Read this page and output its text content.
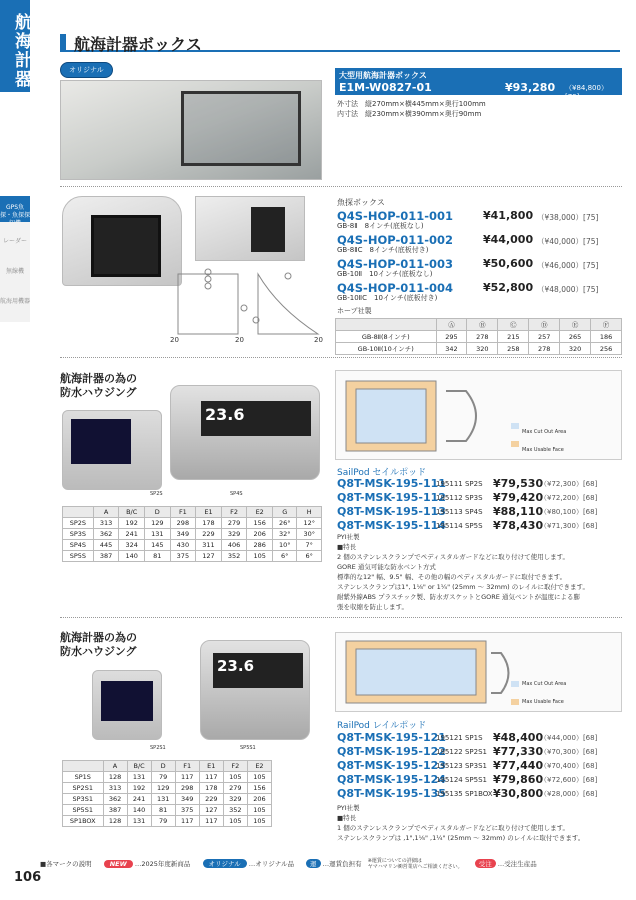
航海計器
GPS魚探・魚探探
レーダー
無線機
航海用機器
航海計器ボックス
オリジナル
大型用航海計器ボックス
E1M-W0827-01	¥93,280 （¥84,800）[70]
外寸法　縦270mm×横445mm×奥行100mm
内寸法　縦230mm×横390mm×奥行90mm
20	20	20
魚探ボックス
Q4S-HOP-011-001	¥41,800 （¥38,000）[75]
GB-8Ⅱ　8インチ(底板なし)
Q4S-HOP-011-002	¥44,000 （¥40,000）[75]
GB-8ⅡC　8インチ(底板付き)
Q4S-HOP-011-003	¥50,600 （¥46,000）[75]
GB-10Ⅱ　10インチ(底板なし)
Q4S-HOP-011-004	¥52,800 （¥48,000）[75]
GB-10ⅡC　10インチ(底板付き)
ホープ社製
	Ⓐ	Ⓑ	Ⓒ	Ⓓ	Ⓔ	Ⓕ
GB-8Ⅱ(8インチ)	295	278	215	257	265	186
GB-10Ⅱ(10インチ)	342	320	258	278	320	256
航海計器の為の
防水ハウジング
23.6
SP2S	SP4S
	A	B/C	D	F1	E1	F2	E2	G	H
SP2S	313	192	129	298	178	279	156	26°	12°
SP3S	362	241	131	349	229	329	206	32°	30°
SP4S	445	324	145	430	311	406	286	10°	7°
SP5S	387	140	81	375	127	352	105	6°	6°
Max Cut Out Area
Max Usable Face
SailPod セイルポッド
Q8T-MSK-195-111
195111 SP2S ¥79,530
（¥72,300）[68]
Q8T-MSK-195-112
195112 SP3S ¥79,420
（¥72,200）[68]
Q8T-MSK-195-113
195113 SP4S ¥88,110
（¥80,100）[68]
Q8T-MSK-195-114
195114 SP5S ¥78,430
（¥71,300）[68]
PYI社製
■特長
2 個のステンレスクランプでペディスタルガードなどに取り付けて使用します。
GORE 通気可能な防水ベント方式
標準的な12" 幅、9.5" 幅、その他の幅のペディスタルガードに取付できます。
ステンレスクランプは1", 1⅛" or 1¼" (25mm 〜 32mm) のレイルに取付できます。
耐紫外線ABS プラスチック製、防水ガスケットとGORE 通気ベントが温度による膨
張を収縮を防止します。
航海計器の為の
防水ハウジング
23.6
SP2S1	SP5S1
	A	B/C	D	F1	E1	F2	E2
SP1S	128	131	79	117	117	105	105
SP2S1	313	192	129	298	178	279	156
SP3S1	362	241	131	349	229	329	206
SP5S1	387	140	81	375	127	352	105
SP1BOX	128	131	79	117	117	105	105
Max Cut Out Area
Max Usable Face
RailPod レイルポッド
Q8T-MSK-195-121
195121 SP1S ¥48,400
（¥44,000）[68]
Q8T-MSK-195-122
195122 SP2S1 ¥77,330
（¥70,300）[68]
Q8T-MSK-195-123
195123 SP3S1 ¥77,440
（¥70,400）[68]
Q8T-MSK-195-124
195124 SP5S1 ¥79,860
（¥72,600）[68]
Q8T-MSK-195-135
195135 SP1BOX ¥30,800
（¥28,000）[68]
PYI社製
■特長
1 個のステンレスクランプでペディスタルガードなどに取り付けて使用します。
ステンレスクランプは ,1",1⅛" ,1¼" (25mm 〜 32mm) のレイルに取付できます。
■各マークの説明	NEW …2025年度新商品	オリジナル …オリジナル品 運 …運賃負担有 ※運賃についての詳細は
ヤマハマリン㈱営業店へご相談ください。 受注 …受注生産品
106
